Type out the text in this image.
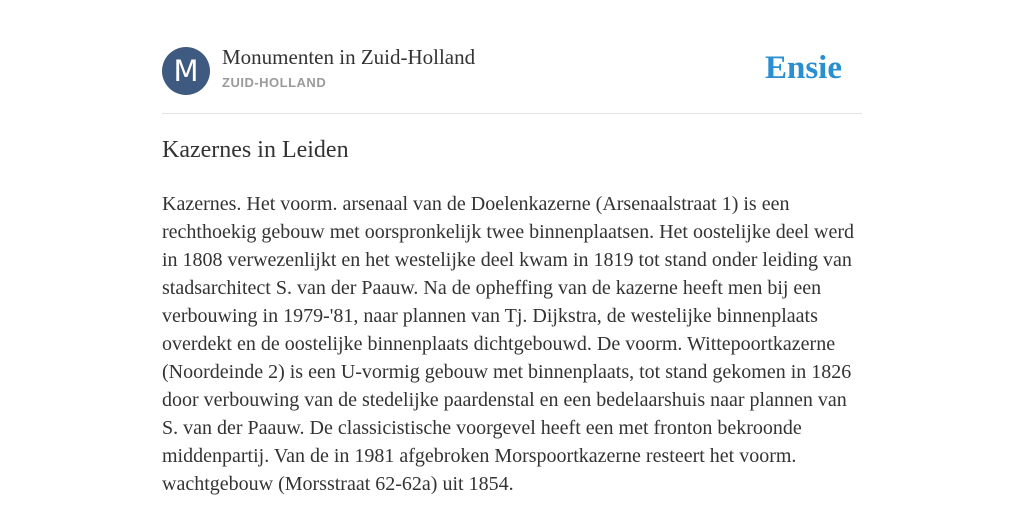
M	Monumenten in Zuid-Holland
ZUID-HOLLAND	Ensie
Kazernes in Leiden

Kazernes. Het voorm. arsenaal van de Doelenkazerne (Arsenaalstraat 1) is een rechthoekig gebouw met oorspronkelijk twee binnenplaatsen. Het oostelijke deel werd in 1808 verwezenlijkt en het westelijke deel kwam in 1819 tot stand onder leiding van stadsarchitect S. van der Paauw. Na de opheffing van de kazerne heeft men bij een verbouwing in 1979-'81, naar plannen van Tj. Dijkstra, de westelijke binnenplaats overdekt en de oostelijke binnenplaats dichtgebouwd. De voorm. Wittepoortkazerne (Noordeinde 2) is een U-vormig gebouw met binnenplaats, tot stand gekomen in 1826 door verbouwing van de stedelijke paardenstal en een bedelaarshuis naar plannen van S. van der Paauw. De classicistische voorgevel heeft een met fronton bekroonde middenpartij. Van de in 1981 afgebroken Morspoortkazerne resteert het voorm. wachtgebouw (Morsstraat 62-62a) uit 1854.
